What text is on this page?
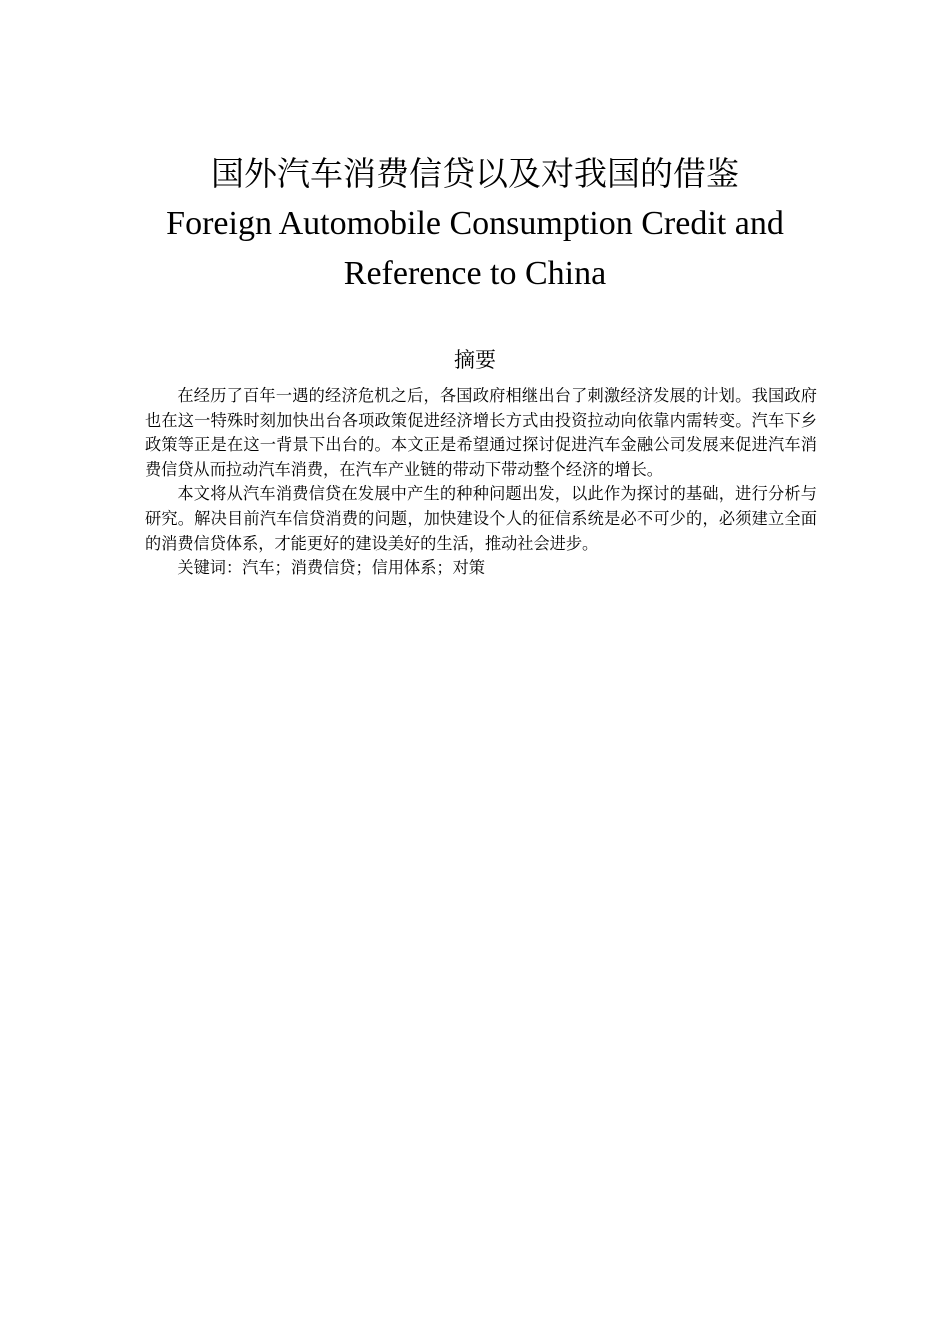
国外汽车消费信贷以及对我国的借鉴
Foreign Automobile Consumption Credit and Reference to China
摘要

在经历了百年一遇的经济危机之后，各国政府相继出台了刺激经济发展的计划。我国政府也在这一特殊时刻加快出台各项政策促进经济增长方式由投资拉动向依靠内需转变。汽车下乡政策等正是在这一背景下出台的。本文正是希望通过探讨促进汽车金融公司发展来促进汽车消费信贷从而拉动汽车消费，在汽车产业链的带动下带动整个经济的增长。

本文将从汽车消费信贷在发展中产生的种种问题出发，以此作为探讨的基础，进行分析与研究。解决目前汽车信贷消费的问题，加快建设个人的征信系统是必不可少的，必须建立全面的消费信贷体系，才能更好的建设美好的生活，推动社会进步。

关键词：汽车；消费信贷；信用体系；对策
